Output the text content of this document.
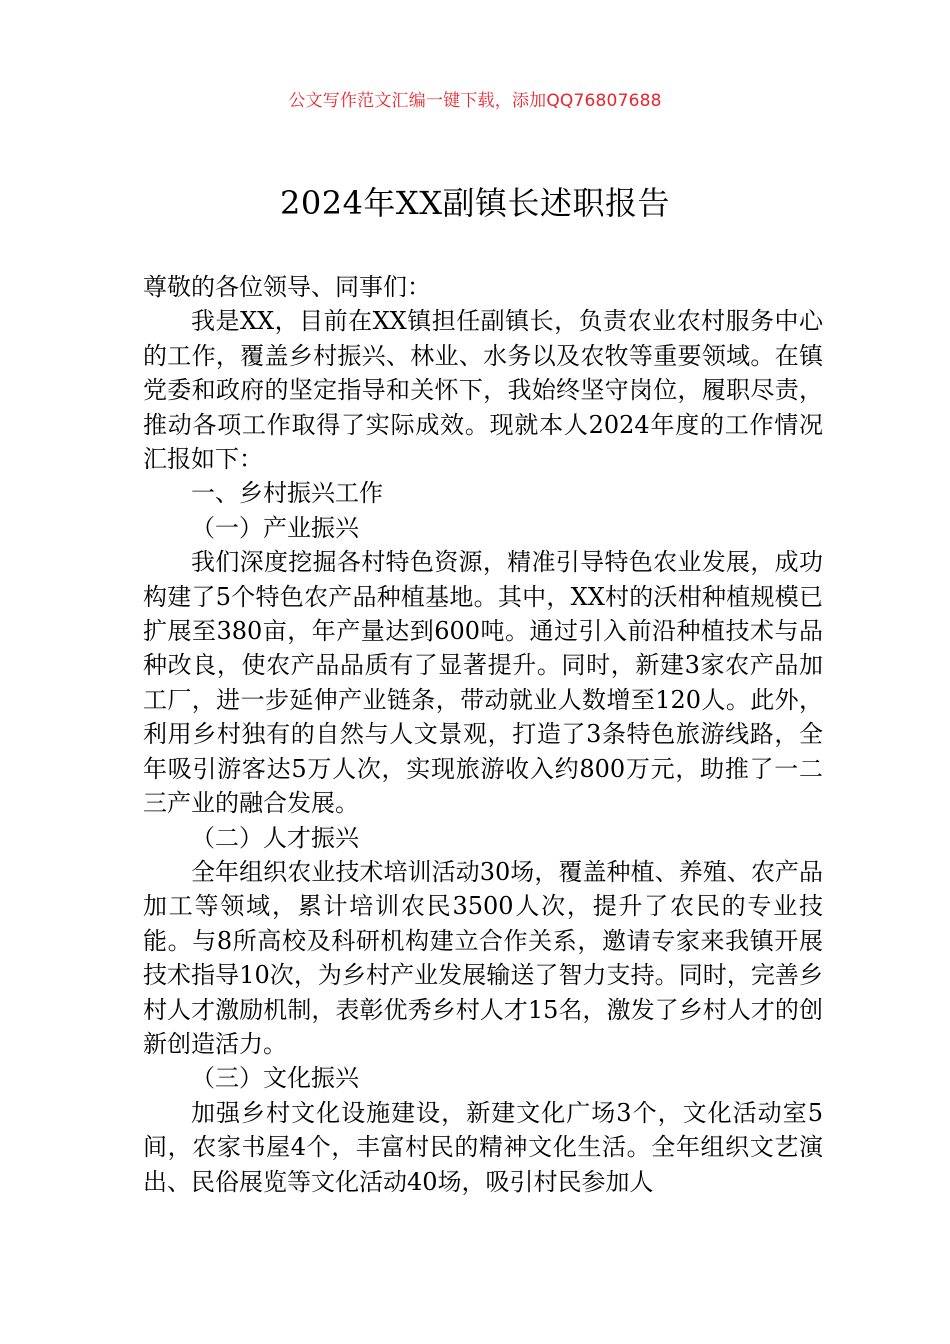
公文写作范文汇编一键下载，添加QQ76807688
2024年XX副镇长述职报告

尊敬的各位领导、同事们：

我是XX，目前在XX镇担任副镇长，负责农业农村服务中心的工作，覆盖乡村振兴、林业、水务以及农牧等重要领域。在镇党委和政府的坚定指导和关怀下，我始终坚守岗位，履职尽责，推动各项工作取得了实际成效。现就本人2024年度的工作情况汇报如下：

一、乡村振兴工作

（一）产业振兴

我们深度挖掘各村特色资源，精准引导特色农业发展，成功构建了5个特色农产品种植基地。其中，XX村的沃柑种植规模已扩展至380亩，年产量达到600吨。通过引入前沿种植技术与品种改良，使农产品品质有了显著提升。同时，新建3家农产品加工厂，进一步延伸产业链条，带动就业人数增至120人。此外，利用乡村独有的自然与人文景观，打造了3条特色旅游线路，全年吸引游客达5万人次，实现旅游收入约800万元，助推了一二三产业的融合发展。

（二）人才振兴

全年组织农业技术培训活动30场，覆盖种植、养殖、农产品加工等领域，累计培训农民3500人次，提升了农民的专业技能。与8所高校及科研机构建立合作关系，邀请专家来我镇开展技术指导10次，为乡村产业发展输送了智力支持。同时，完善乡村人才激励机制，表彰优秀乡村人才15名，激发了乡村人才的创新创造活力。

（三）文化振兴

加强乡村文化设施建设，新建文化广场3个，文化活动室5间，农家书屋4个，丰富村民的精神文化生活。全年组织文艺演出、民俗展览等文化活动40场，吸引村民参加人
